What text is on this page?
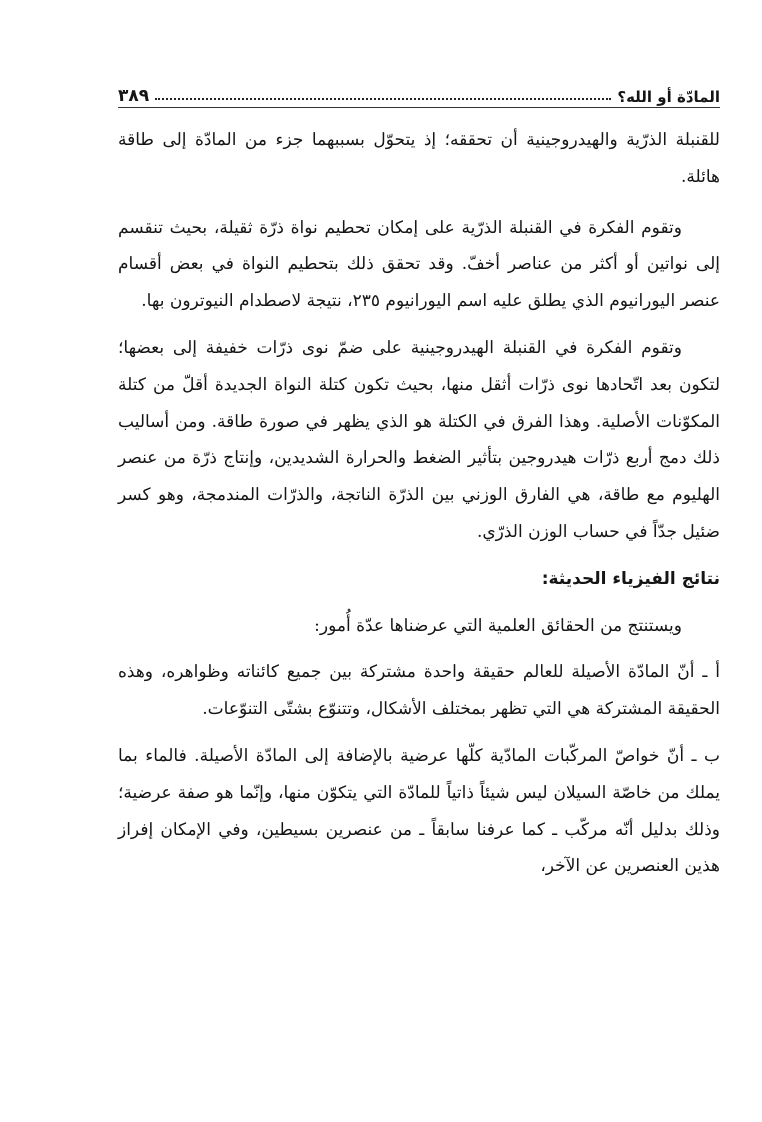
المادّة أو الله؟
٣٨٩

للقنبلة الذرّية والهيدروجينية أن تحققه؛ إذ يتحوّل بسببهما جزء من المادّة إلى طاقة هائلة.

وتقوم الفكرة في القنبلة الذرّية على إمكان تحطيم نواة ذرّة ثقيلة، بحيث تنقسم إلى نواتين أو أكثر من عناصر أخفّ. وقد تحقق ذلك بتحطيم النواة في بعض أقسام عنصر اليورانيوم الذي يطلق عليه اسم اليورانيوم ٢٣٥، نتيجة لاصطدام النيوترون بها.

وتقوم الفكرة في القنبلة الهيدروجينية على ضمّ نوى ذرّات خفيفة إلى بعضها؛ لتكون بعد اتّحادها نوى ذرّات أثقل منها، بحيث تكون كتلة النواة الجديدة أقلّ من كتلة المكوّنات الأصلية. وهذا الفرق في الكتلة هو الذي يظهر في صورة طاقة. ومن أساليب ذلك دمج أربع ذرّات هيدروجين بتأثير الضغط والحرارة الشديدين، وإنتاج ذرّة من عنصر الهليوم مع طاقة، هي الفارق الوزني بين الذرّة الناتجة، والذرّات المندمجة، وهو كسر ضئيل جدّاً في حساب الوزن الذرّي.

نتائج الفيزياء الحديثة:

ويستنتج من الحقائق العلمية التي عرضناها عدّة أُمور:

أ ـ أنّ المادّة الأصيلة للعالم حقيقة واحدة مشتركة بين جميع كائناته وظواهره، وهذه الحقيقة المشتركة هي التي تظهر بمختلف الأشكال، وتتنوّع بشتّى التنوّعات.

ب ـ أنّ خواصّ المركّبات المادّية كلّها عرضية بالإضافة إلى المادّة الأصيلة. فالماء بما يملك من خاصّة السيلان ليس شيئاً ذاتياً للمادّة التي يتكوّن منها، وإنّما هو صفة عرضية؛ وذلك بدليل أنّه مركّب ـ كما عرفنا سابقاً ـ من عنصرين بسيطين، وفي الإمكان إفراز هذين العنصرين عن الآخر،
